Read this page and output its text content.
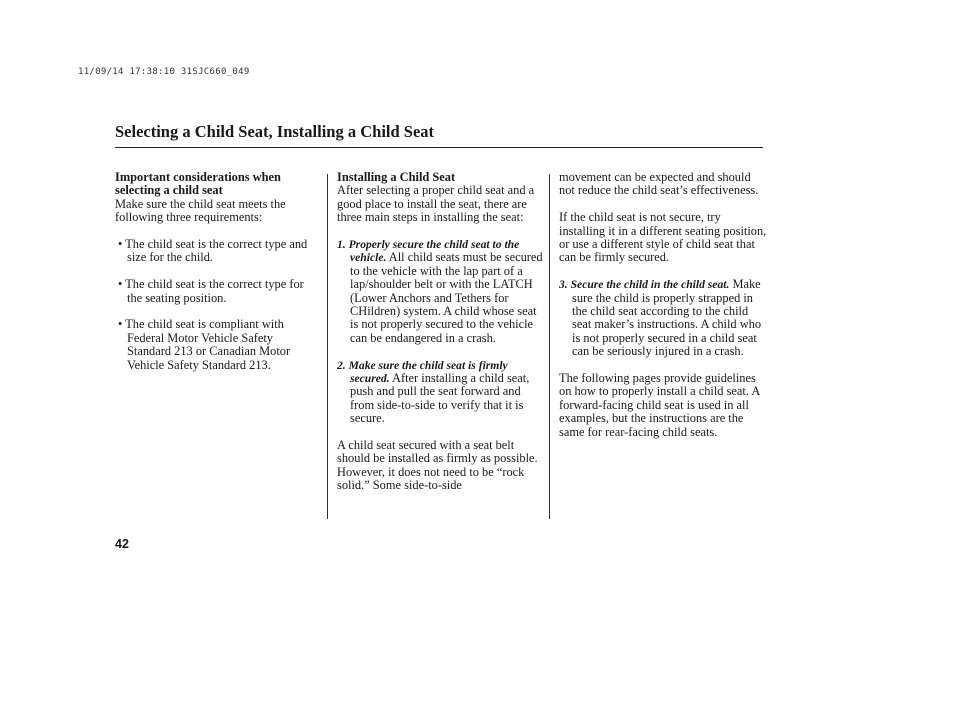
11/09/14 17:38:10 31SJC660_049
Selecting a Child Seat, Installing a Child Seat

Important considerations when selecting a child seat

Make sure the child seat meets the following three requirements:

• The child seat is the correct type and size for the child.

• The child seat is the correct type for the seating position.

• The child seat is compliant with Federal Motor Vehicle Safety Standard 213 or Canadian Motor Vehicle Safety Standard 213.

Installing a Child Seat

After selecting a proper child seat and a good place to install the seat, there are three main steps in installing the seat:

1. Properly secure the child seat to the vehicle. All child seats must be secured to the vehicle with the lap part of a lap/shoulder belt or with the LATCH (Lower Anchors and Tethers for CHildren) system. A child whose seat is not properly secured to the vehicle can be endangered in a crash.

2. Make sure the child seat is firmly secured. After installing a child seat, push and pull the seat forward and from side-to-side to verify that it is secure.

A child seat secured with a seat belt should be installed as firmly as possible. However, it does not need to be “rock solid.” Some side-to-side

movement can be expected and should not reduce the child seat’s effectiveness.

If the child seat is not secure, try installing it in a different seating position, or use a different style of child seat that can be firmly secured.

3. Secure the child in the child seat. Make sure the child is properly strapped in the child seat according to the child seat maker’s instructions. A child who is not properly secured in a child seat can be seriously injured in a crash.

The following pages provide guidelines on how to properly install a child seat. A forward-facing child seat is used in all examples, but the instructions are the same for rear-facing child seats.

42
